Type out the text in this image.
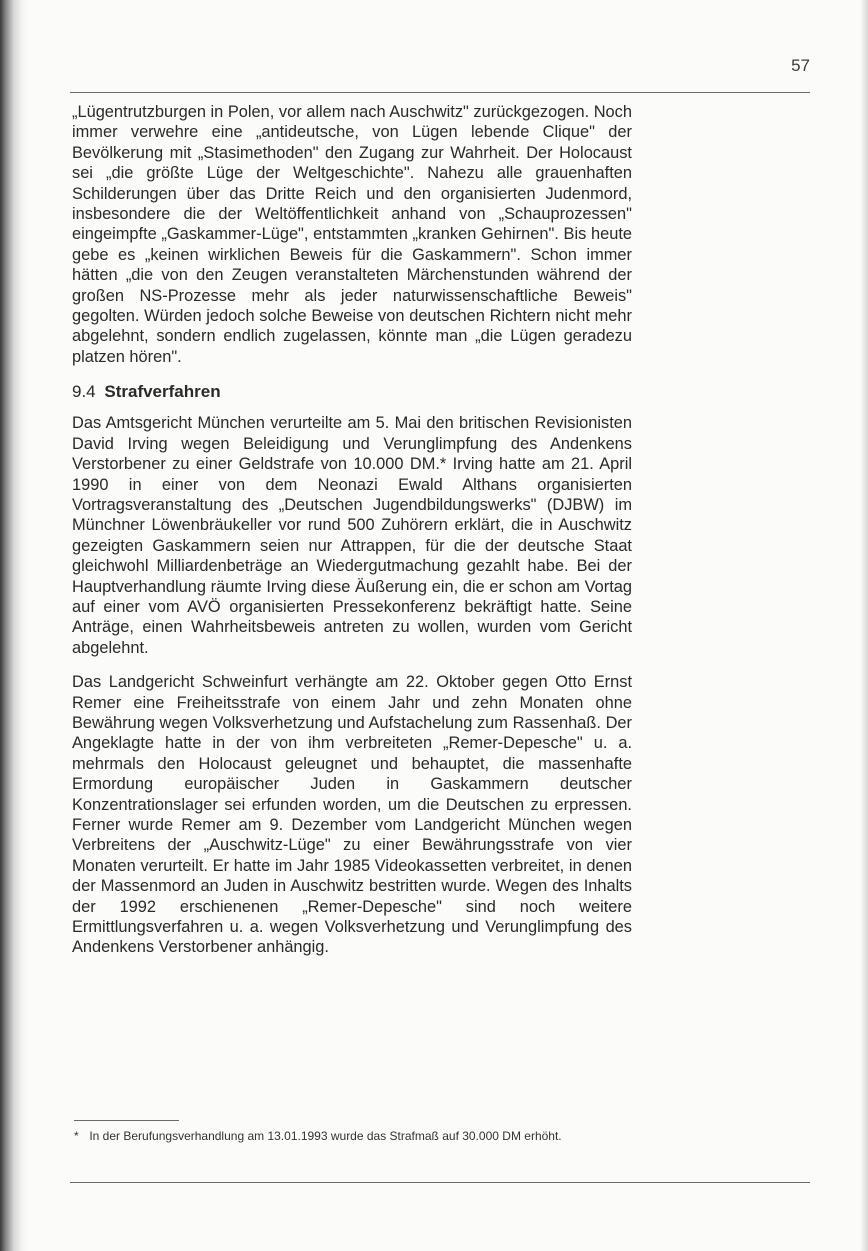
57

„Lügentrutzburgen in Polen, vor allem nach Auschwitz" zurückgezogen. Noch immer verwehre eine „antideutsche, von Lügen lebende Clique" der Bevölkerung mit „Stasimethoden" den Zugang zur Wahrheit. Der Holocaust sei „die größte Lüge der Weltgeschichte". Nahezu alle grauenhaften Schilderungen über das Dritte Reich und den organisierten Judenmord, insbesondere die der Weltöffentlichkeit anhand von „Schauprozessen" eingeimpfte „Gaskammer-Lüge", entstammten „kranken Gehirnen". Bis heute gebe es „keinen wirklichen Beweis für die Gaskammern". Schon immer hätten „die von den Zeugen veranstalteten Märchenstunden während der großen NS-Prozesse mehr als jeder naturwissenschaftliche Beweis" gegolten. Würden jedoch solche Beweise von deutschen Richtern nicht mehr abgelehnt, sondern endlich zugelassen, könnte man „die Lügen geradezu platzen hören".

9.4 Strafverfahren

Das Amtsgericht München verurteilte am 5. Mai den britischen Revisionisten David Irving wegen Beleidigung und Verunglimpfung des Andenkens Verstorbener zu einer Geldstrafe von 10.000 DM.* Irving hatte am 21. April 1990 in einer von dem Neonazi Ewald Althans organisierten Vortragsveranstaltung des „Deutschen Jugendbildungswerks" (DJBW) im Münchner Löwenbräukeller vor rund 500 Zuhörern erklärt, die in Auschwitz gezeigten Gaskammern seien nur Attrappen, für die der deutsche Staat gleichwohl Milliardenbeträge an Wiedergutmachung gezahlt habe. Bei der Hauptverhandlung räumte Irving diese Äußerung ein, die er schon am Vortag auf einer vom AVÖ organisierten Pressekonferenz bekräftigt hatte. Seine Anträge, einen Wahrheitsbeweis antreten zu wollen, wurden vom Gericht abgelehnt.

Das Landgericht Schweinfurt verhängte am 22. Oktober gegen Otto Ernst Remer eine Freiheitsstrafe von einem Jahr und zehn Monaten ohne Bewährung wegen Volksverhetzung und Aufstachelung zum Rassenhaß. Der Angeklagte hatte in der von ihm verbreiteten „Remer-Depesche" u. a. mehrmals den Holocaust geleugnet und behauptet, die massenhafte Ermordung europäischer Juden in Gaskammern deutscher Konzentrationslager sei erfunden worden, um die Deutschen zu erpressen. Ferner wurde Remer am 9. Dezember vom Landgericht München wegen Verbreitens der „Auschwitz-Lüge" zu einer Bewährungsstrafe von vier Monaten verurteilt. Er hatte im Jahr 1985 Videokassetten verbreitet, in denen der Massenmord an Juden in Auschwitz bestritten wurde. Wegen des Inhalts der 1992 erschienenen „Remer-Depesche" sind noch weitere Ermittlungsverfahren u. a. wegen Volksverhetzung und Verunglimpfung des Andenkens Verstorbener anhängig.

* In der Berufungsverhandlung am 13.01.1993 wurde das Strafmaß auf 30.000 DM erhöht.
